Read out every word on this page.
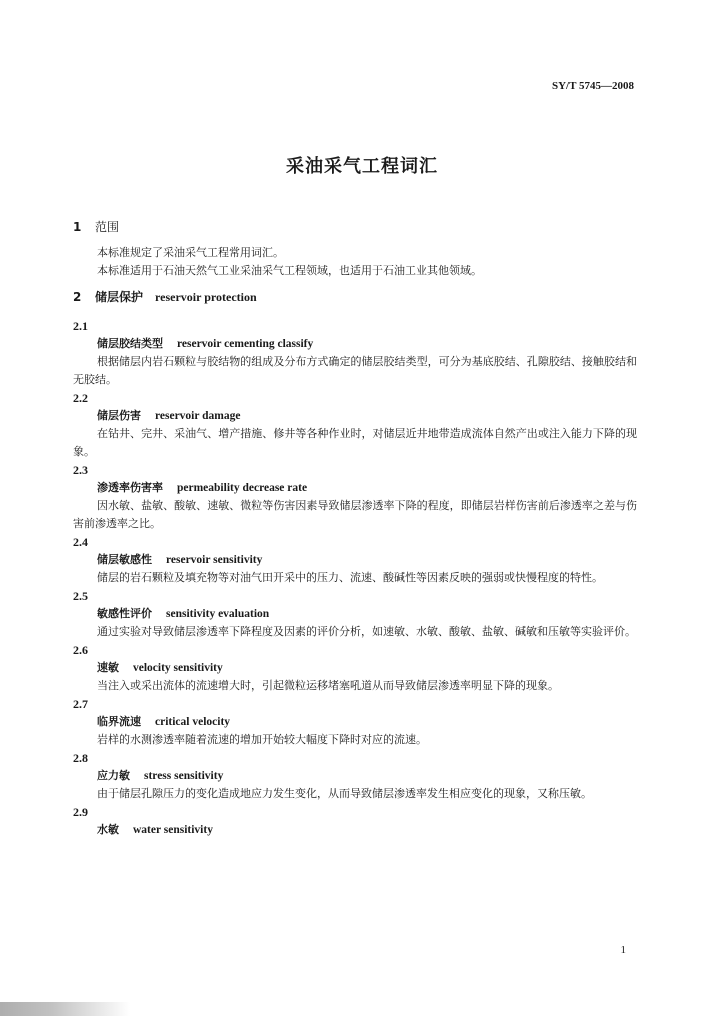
SY/T 5745—2008
采油采气工程词汇
1 范围

本标准规定了采油采气工程常用词汇。

本标准适用于石油天然气工业采油采气工程领域，也适用于石油工业其他领域。

2 储层保护 reservoir protection
2.1
储层胶结类型 reservoir cementing classify

根据储层内岩石颗粒与胶结物的组成及分布方式确定的储层胶结类型，可分为基底胶结、孔隙胶结、接触胶结和无胶结。

2.2
储层伤害 reservoir damage

在钻井、完井、采油气、增产措施、修井等各种作业时，对储层近井地带造成流体自然产出或注入能力下降的现象。

2.3
渗透率伤害率 permeability decrease rate

因水敏、盐敏、酸敏、速敏、微粒等伤害因素导致储层渗透率下降的程度，即储层岩样伤害前后渗透率之差与伤害前渗透率之比。

2.4
储层敏感性 reservoir sensitivity

储层的岩石颗粒及填充物等对油气田开采中的压力、流速、酸碱性等因素反映的强弱或快慢程度的特性。

2.5
敏感性评价 sensitivity evaluation

通过实验对导致储层渗透率下降程度及因素的评价分析，如速敏、水敏、酸敏、盐敏、碱敏和压敏等实验评价。

2.6
速敏 velocity sensitivity

当注入或采出流体的流速增大时，引起微粒运移堵塞吼道从而导致储层渗透率明显下降的现象。

2.7
临界流速 critical velocity

岩样的水测渗透率随着流速的增加开始较大幅度下降时对应的流速。

2.8
应力敏 stress sensitivity

由于储层孔隙压力的变化造成地应力发生变化，从而导致储层渗透率发生相应变化的现象，又称压敏。

2.9
水敏 water sensitivity
1
